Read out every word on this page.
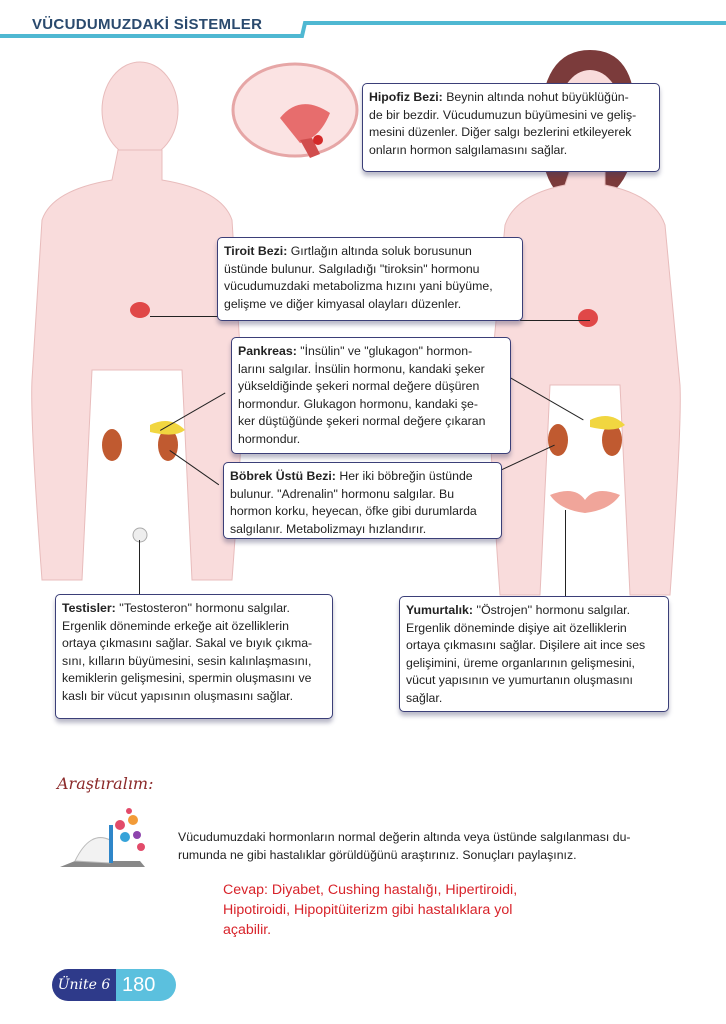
VÜCUDUMUZDAKİ SİSTEMLER
Hipofiz Bezi: Beynin altında nohut büyüklüğün-
de bir bezdir. Vücudumuzun büyümesini ve geliş-
mesini düzenler. Diğer salgı bezlerini etkileyerek
onların hormon salgılamasını sağlar.
Tiroit Bezi: Gırtlağın altında soluk borusunun
üstünde bulunur. Salgıladığı "tiroksin" hormonu
vücudumuzdaki metabolizma hızını yani büyüme,
gelişme ve diğer kimyasal olayları düzenler.
Pankreas: "İnsülin" ve "glukagon" hormon-
larını salgılar. İnsülin hormonu, kandaki şeker
yükseldiğinde şekeri normal değere düşüren
hormondur. Glukagon hormonu, kandaki şe-
ker düştüğünde şekeri normal değere çıkaran
hormondur.
Böbrek Üstü Bezi: Her iki böbreğin üstünde
bulunur. "Adrenalin" hormonu salgılar. Bu
hormon korku, heyecan, öfke gibi durumlarda
salgılanır. Metabolizmayı hızlandırır.
Testisler: ''Testosteron'' hormonu salgılar.
Ergenlik döneminde erkeğe ait özelliklerin
ortaya çıkmasını sağlar. Sakal ve bıyık çıkma-
sını, kılların büyümesini, sesin kalınlaşmasını,
kemiklerin gelişmesini, spermin oluşmasını ve
kaslı bir vücut yapısının oluşmasını sağlar.
Yumurtalık: ''Östrojen'' hormonu salgılar.
Ergenlik döneminde dişiye ait özelliklerin
ortaya çıkmasını sağlar. Dişilere ait ince ses
gelişimini, üreme organlarının gelişmesini,
vücut yapısının ve yumurtanın oluşmasını
sağlar.
Araştıralım:
Vücudumuzdaki hormonların normal değerin altında veya üstünde salgılanması du-
rumunda ne gibi hastalıklar görüldüğünü araştırınız. Sonuçları paylaşınız.
Cevap: Diyabet, Cushing hastalığı, Hipertiroidi,
Hipotiroidi, Hipopitüiterizm gibi hastalıklara yol
açabilir.
Ünite 6 180
